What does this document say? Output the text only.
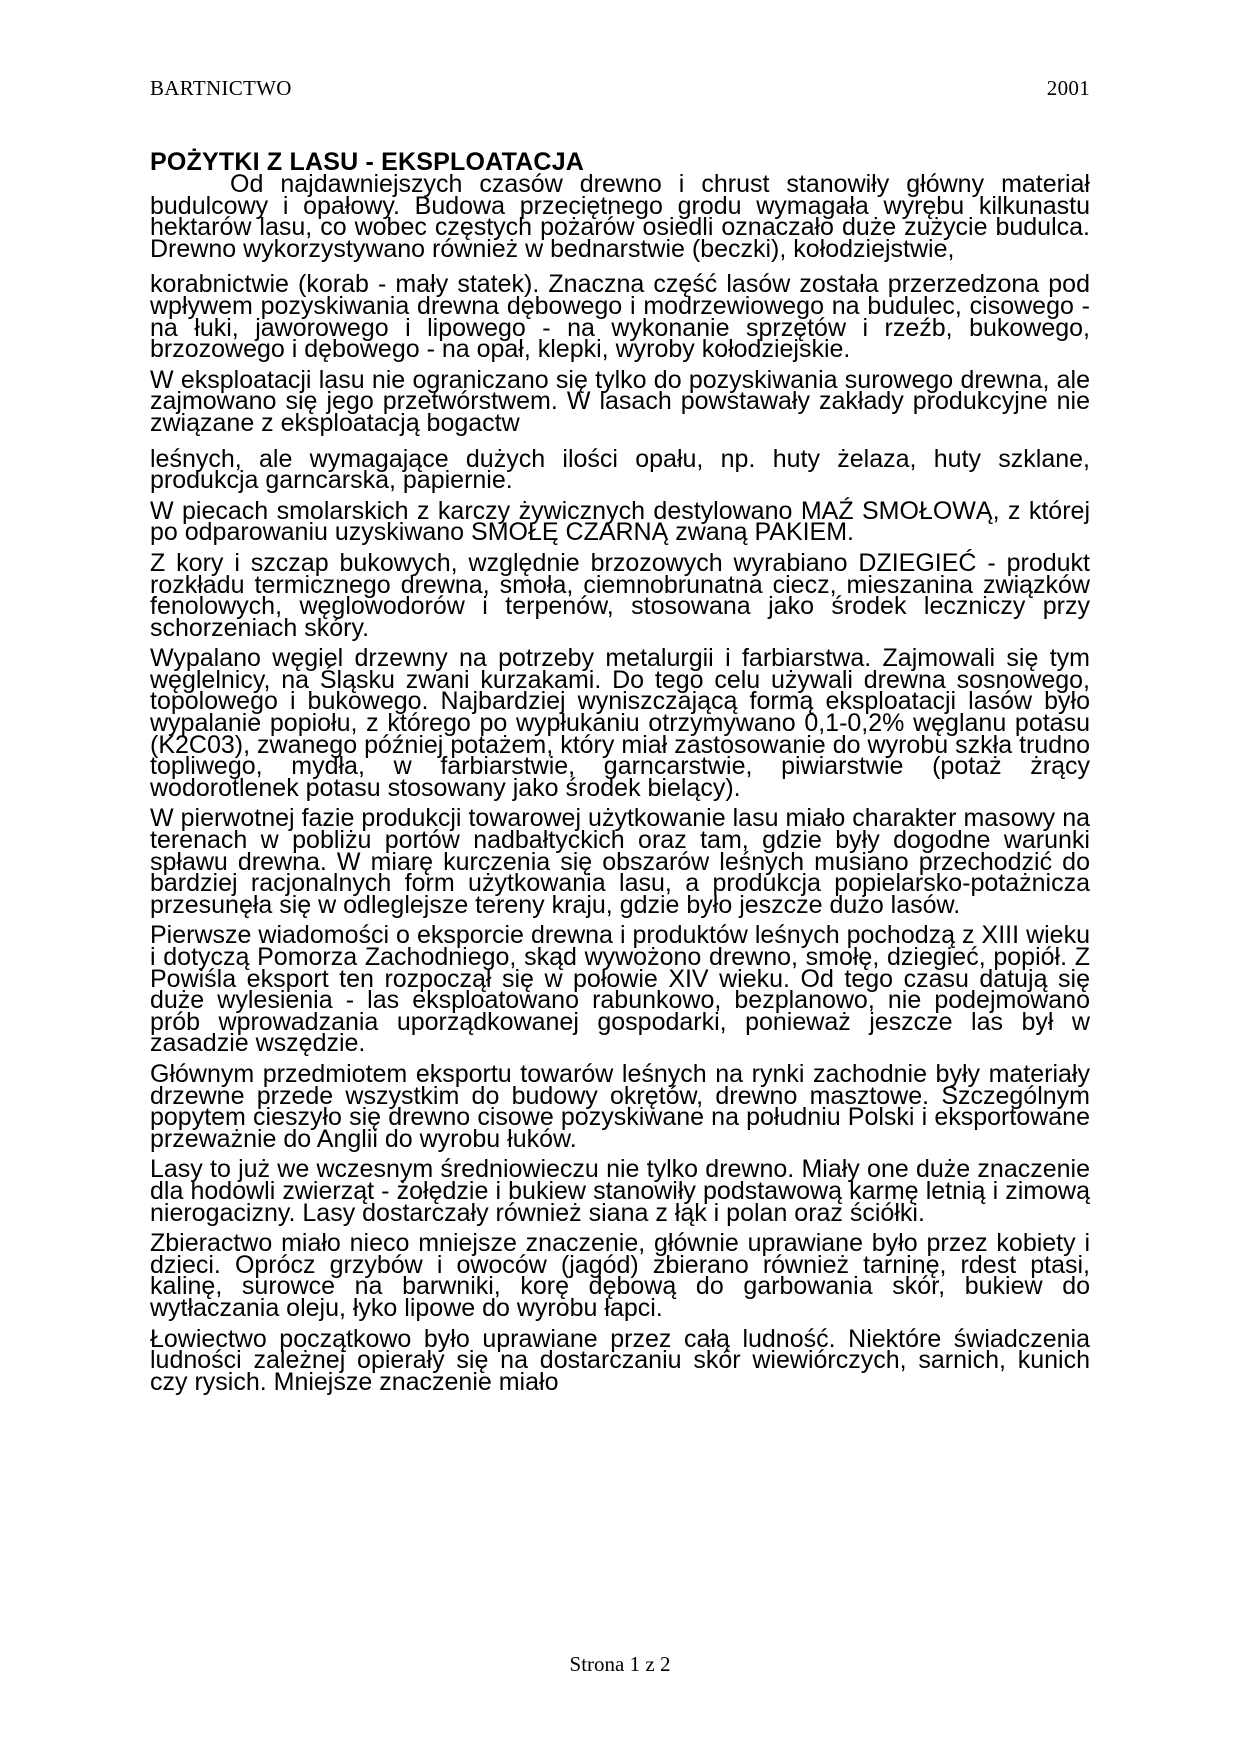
BARTNICTWO	2001
POŻYTKI Z LASU - EKSPLOATACJA

Od najdawniejszych czasów drewno i chrust stanowiły główny materiał budulcowy i opałowy. Budowa przeciętnego grodu wymagała wyrębu kilkunastu hektarów lasu, co wobec częstych pożarów osiedli oznaczało duże zużycie budulca. Drewno wykorzystywano również w bednarstwie (beczki), kołodziejstwie,

korabnictwie (korab - mały statek). Znaczna część lasów została przerzedzona pod wpływem pozyskiwania drewna dębowego i modrzewiowego na budulec, cisowego - na łuki, jaworowego i lipowego - na wykonanie sprzętów i rzeźb, bukowego, brzozowego i dębowego - na opał, klepki, wyroby kołodziejskie.

W eksploatacji lasu nie ograniczano się tylko do pozyskiwania surowego drewna, ale zajmowano się jego przetwórstwem. W lasach powstawały zakłady produkcyjne nie związane z eksploatacją bogactw

leśnych, ale wymagające dużych ilości opału, np. huty żelaza, huty szklane, produkcja garncarska, papiernie.

W piecach smolarskich z karczy żywicznych destylowano MAŹ SMOŁOWĄ, z której po odparowaniu uzyskiwano SMOŁĘ CZARNĄ zwaną PAKIEM.

Z kory i szczap bukowych, względnie brzozowych wyrabiano DZIEGIEĆ - produkt rozkładu termicznego drewna, smoła, ciemnobrunatna ciecz, mieszanina związków fenolowych, węglowodorów i terpenów, stosowana jako środek leczniczy przy schorzeniach skóry.

Wypalano węgiel drzewny na potrzeby metalurgii i farbiarstwa. Zajmowali się tym węglelnicy, na Śląsku zwani kurzakami. Do tego celu używali drewna sosnowego, topolowego i bukowego. Najbardziej wyniszczającą formą eksploatacji lasów było wypalanie popiołu, z którego po wypłukaniu otrzymywano 0,1-0,2% węglanu potasu (K2C03), zwanego później potażem, który miał zastosowanie do wyrobu szkła trudno topliwego, mydła, w farbiarstwie, garncarstwie, piwiarstwie (potaż żrący wodorotlenek potasu stosowany jako środek bielący).

W pierwotnej fazie produkcji towarowej użytkowanie lasu miało charakter masowy na terenach w pobliżu portów nadbałtyckich oraz tam, gdzie były dogodne warunki spławu drewna. W miarę kurczenia się obszarów leśnych musiano przechodzić do bardziej racjonalnych form użytkowania lasu, a produkcja popielarsko-potażnicza przesunęła się w odleglejsze tereny kraju, gdzie było jeszcze dużo lasów.

Pierwsze wiadomości o eksporcie drewna i produktów leśnych pochodzą z XIII wieku i dotyczą Pomorza Zachodniego, skąd wywożono drewno, smołę, dziegieć, popiół. Z Powiśla eksport ten rozpoczął się w połowie XIV wieku. Od tego czasu datują się duże wylesienia - las eksploatowano rabunkowo, bezplanowo, nie podejmowano prób wprowadzania uporządkowanej gospodarki, ponieważ jeszcze las był w zasadzie wszędzie.

Głównym przedmiotem eksportu towarów leśnych na rynki zachodnie były materiały drzewne przede wszystkim do budowy okrętów, drewno masztowe. Szczególnym popytem cieszyło się drewno cisowe pozyskiwane na południu Polski i eksportowane przeważnie do Anglii do wyrobu łuków.

Lasy to już we wczesnym średniowieczu nie tylko drewno. Miały one duże znaczenie dla hodowli zwierząt - żołędzie i bukiew stanowiły podstawową karmę letnią i zimową nierogacizny. Lasy dostarczały również siana z łąk i polan oraz ściółki.

Zbieractwo miało nieco mniejsze znaczenie, głównie uprawiane było przez kobiety i dzieci. Oprócz grzybów i owoców (jagód) zbierano również tarninę, rdest ptasi, kalinę, surowce na barwniki, korę dębową do garbowania skór, bukiew do wytłaczania oleju, łyko lipowe do wyrobu łapci.

Łowiectwo początkowo było uprawiane przez całą ludność. Niektóre świadczenia ludności zależnej opierały się na dostarczaniu skór wiewiórczych, sarnich, kunich czy rysich. Mniejsze znaczenie miało

Strona 1 z 2
